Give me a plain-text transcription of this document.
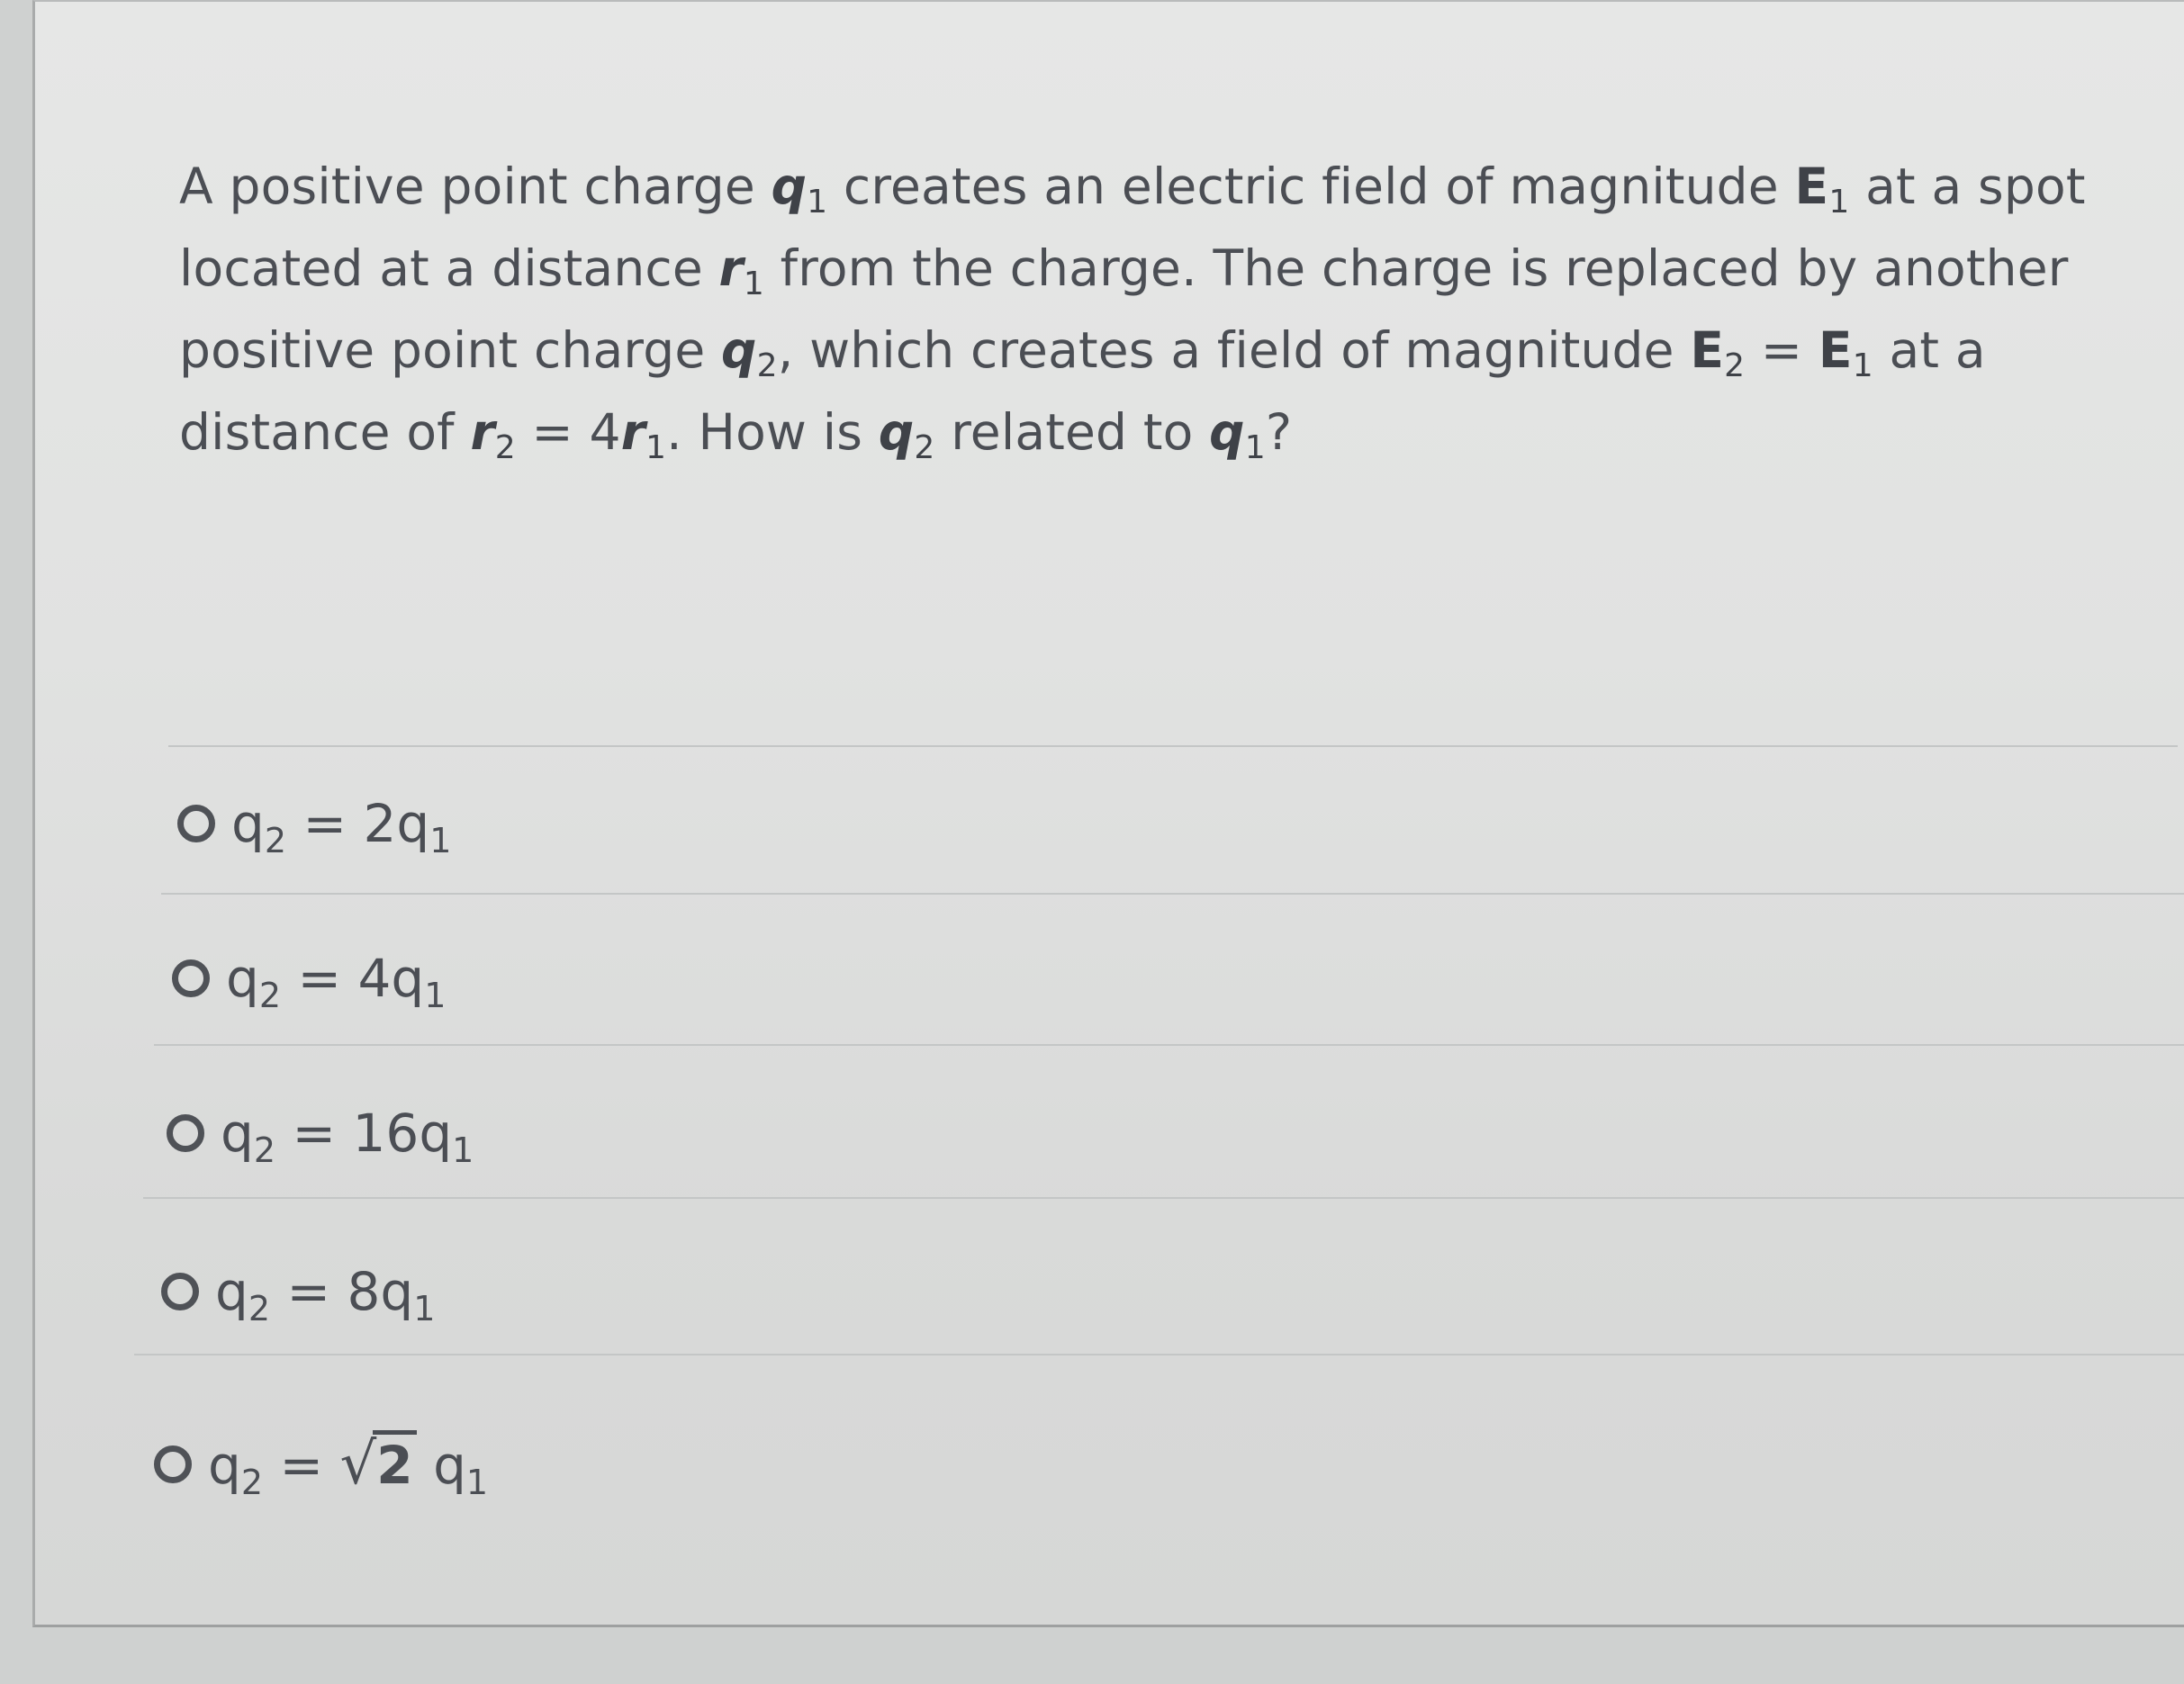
A positive point charge $q_1$ creates an electric field of magnitude $E_1$ at a spot
located at a distance $r_1$ from the charge. The charge is replaced by another
positive point charge $q_2$, which creates a field of magnitude $E_2 = E_1$ at a
distance of $r_2 = 4r_1$. How is $q_2$ related to $q_1$?
$q_2 = 2q_1$
$q_2 = 4q_1$
$q_2 = 16q_1$
$q_2 = 8q_1$
$q_2 = √2$ $q_1$
